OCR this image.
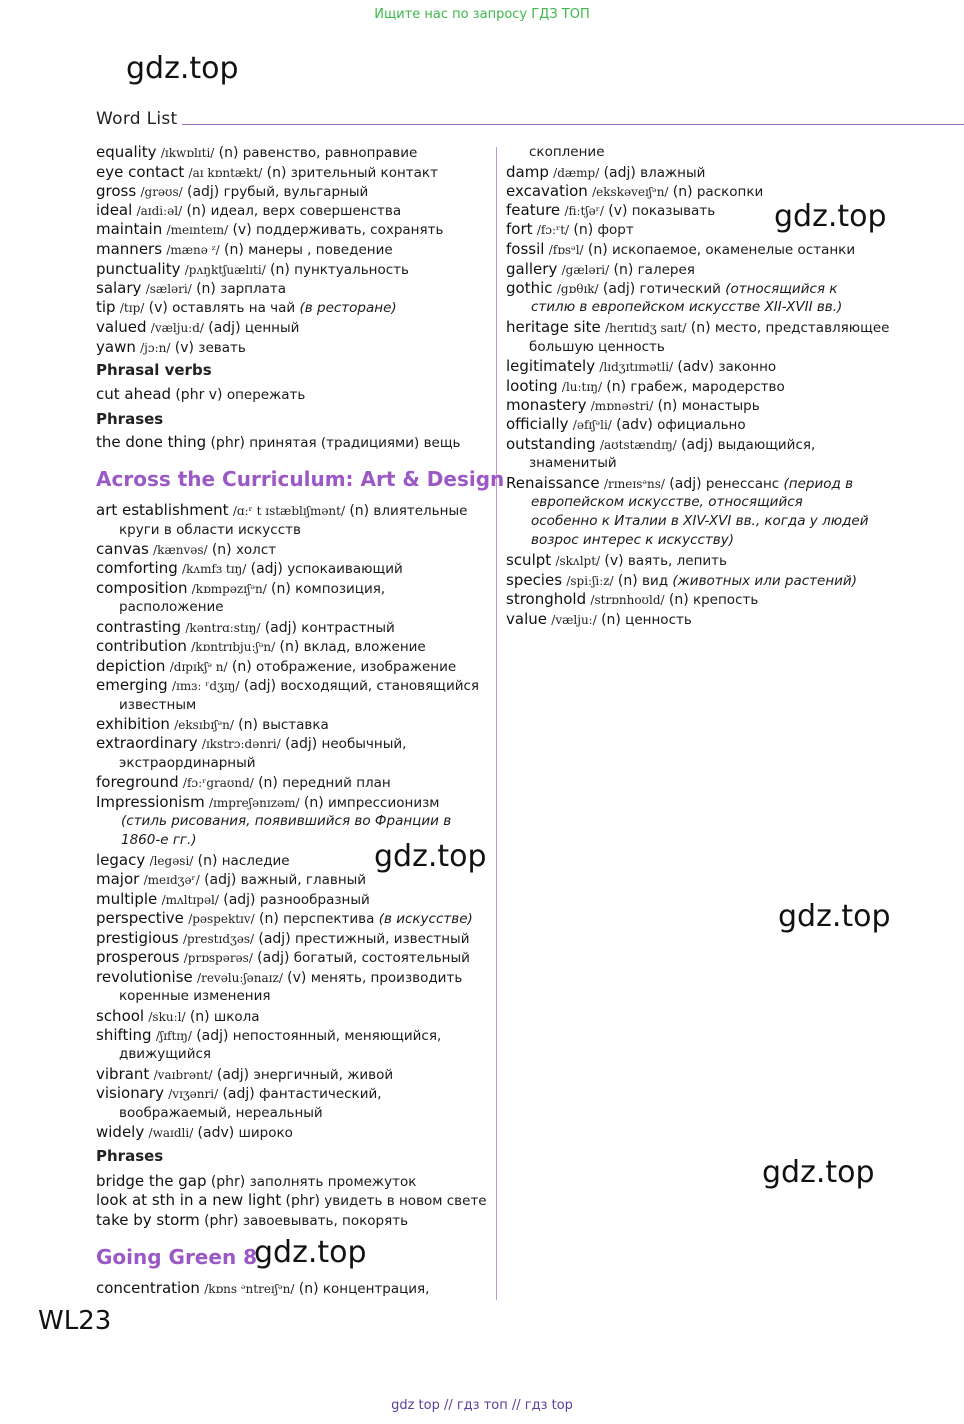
Ищите нас по запросу ГДЗ ТОП
gdz.top
gdz.top
gdz.top
gdz.top
gdz.top
gdz.top
Word List
equality /ɪkwɒlɪti/ (n) равенство, равноправие
eye contact /aɪ kɒntækt/ (n) зрительный контакт
gross /grəʊs/ (adj) грубый, вульгарный
ideal /aɪdiːəl/ (n) идеал, верх совершенства
maintain /meɪnteɪn/ (v) поддерживать, сохранять
manners /mænə ᶻ/ (n) манеры , поведение
punctuality /pʌŋktʃuælɪti/ (n) пунктуальность
salary /sæləri/ (n) зарплата
tip /tɪp/ (v) оставлять на чай (в ресторане)
valued /væljuːd/ (adj) ценный
yawn /jɔːn/ (v) зевать
Phrasal verbs
cut ahead (phr v) опережать
Phrases
the done thing (phr) принятая (традициями) вещь
Across the Curriculum: Art & Design
art establishment /ɑːʳ t ɪstæblɪʃmənt/ (n) влиятельные
круги в области искусств
canvas /kænvəs/ (n) холст
comforting /kʌmfɜ tɪŋ/ (adj) успокаивающий
composition /kɒmpəzɪʃᵊn/ (n) композиция,
расположение
contrasting /kəntrɑːstɪŋ/ (adj) контрастный
contribution /kɒntrɪbjuːʃᵊn/ (n) вклад, вложение
depiction /dɪpɪkʃᵊ n/ (n) отображение, изображение
emerging /ɪmɜː ʳdʒɪŋ/ (adj) восходящий, становящийся
известным
exhibition /eksɪbɪʃᵊn/ (n) выставка
extraordinary /ɪkstrɔːdənri/ (adj) необычный,
экстраординарный
foreground /fɔːʳgraʊnd/ (n) передний план
Impressionism /ɪmpreʃənɪzəm/ (n) импрессионизм
(стиль рисования, появившийся во Франции в
1860-е гг.)
legacy /legəsi/ (n) наследие
major /meɪdʒəʳ/ (adj) важный, главный
multiple /mʌltɪpəl/ (adj) разнообразный
perspective /pəspektɪv/ (n) перспектива (в искусстве)
prestigious /prestɪdʒəs/ (adj) престижный, известный
prosperous /prɒspərəs/ (adj) богатый, состоятельный
revolutionise /revəluːʃənaɪz/ (v) менять, производить
коренные изменения
school /skuːl/ (n) школа
shifting /ʃɪftɪŋ/ (adj) непостоянный, меняющийся,
движущийся
vibrant /vaɪbrənt/ (adj) энергичный, живой
visionary /vɪʒənri/ (adj) фантастический,
воображаемый, нереальный
widely /waɪdli/ (adv) широко
Phrases
bridge the gap (phr) заполнять промежуток
look at sth in a new light (phr) увидеть в новом свете
take by storm (phr) завоевывать, покорять
Going Green 8
concentration /kɒns ᵊntreɪʃᵊn/ (n) концентрация,
скопление
damp /dæmp/ (adj) влажный
excavation /ekskəveɪʃᵊn/ (n) раскопки
feature /fiːtʃəʳ/ (v) показывать
fort /fɔːʳt/ (n) форт
fossil /fɒsᵊl/ (n) ископаемое, окаменелые останки
gallery /gæləri/ (n) галерея
gothic /gɒθɪk/ (adj) готический (относящийся к
стилю в европейском искусстве XII-XVII вв.)
heritage site /herɪtɪdʒ saɪt/ (n) место, представляющее
большую ценность
legitimately /lɪdʒɪtɪmətli/ (adv) законно
looting /luːtɪŋ/ (n) грабеж, мародерство
monastery /mɒnəstri/ (n) монастырь
officially /əfɪʃᵊli/ (adv) официально
outstanding /aʊtstændɪŋ/ (adj) выдающийся,
знаменитый
Renaissance /rɪneɪsᵊns/ (adj) ренессанс (период в
европейском искусстве, относящийся
особенно к Италии в XIV-XVI вв., когда у людей
возрос интерес к искусству)
sculpt /skʌlpt/ (v) ваять, лепить
species /spiːʃiːz/ (n) вид (животных или растений)
stronghold /strɒnhoʊld/ (n) крепость
value /væljuː/ (n) ценность
WL23
gdz top // гдз топ // гдз top
